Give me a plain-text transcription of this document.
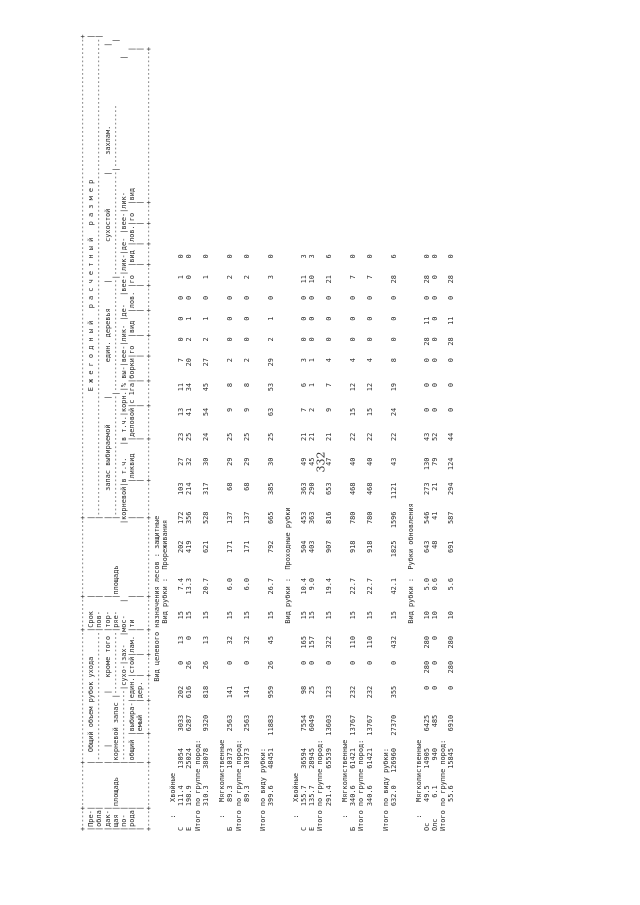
+----+----------+-------------------------------+-------+------------------+-------------------------------------------------------------------------------------------------------------------+ |Пре-|          |  Общий объем рубок ухода      |Срок   |                  |                              Е ж е г о д н ы й   р а с ч е т н ы й   р а з м е р                                  | |обла|          |-------------------------------|пов-   |                  |-------------------------------------------------------------------------------------------------------------------| |дак-|          |   |            |   кроме того |тор-   |                  |      запас выбираемой      |        един. деревья      |         сухостой        |    захлам.                   | |щая |площадь   |корневой запас |---------------|ряе-   |площадь           |-----------------------------|---------------------------|-------------------------|---------------               | |по- |          |-----------------|сухо-|зах-  |мос-   |                  |корневой|в т.ч.   |в т.ч.|корн.|% вы-|вее-|лик- |де-  |вее-|лик-|де- |вее-|лик-                                | |рода|          |общий |выбира-|един.|стой|лам. |ти     |                  |        |ликвид   |деловой|с 1га|борки|го  |вид  |лов. |го  |вид |лов.|го  |вид                                 | |    |          |      |емый   |дер. |    |     |       |                  |        |         |       |     |     |    |     |     |    |    |    |    |                                    | +----+----------+------+-------+-----+----+-----+-------+------------------+--------+---------+-------+-----+-----+----+-----+-----+----+----+----+----+------------------------------------+ Вид целевого назначения лесов : защитные Вид рубки :  Прореживания :   Хвойные С     111.4    13054    3033    202     0    13    15     7.4      202    172    103    27    23    13    11     7    0    0    0    1    0 Е     198.9    25024    6287    616    26     0    15    13.3      419    356    214    32    25    41    34    20    2    1    0    0    0 Итого по группе пород: 310.3    38078    9320    818    26    13    15    20.7      621    528    317    30    24    54    45    27    2    1    0    1    0 :   Мягколиственные Б      89.3    10373    2563    141     0    32    15     6.0      171    137     68    29    25     9     8     2    0    0    0    2    0 Итого по группе пород: 89.3    10373    2563    141     0    32    15     6.0      171    137     68    29    25     9     8     2    0    0    0    2    0 Итого по виду рубки: 399.6    48451   11883    959    26    45    15    26.7      792    665    385    30    25    63    53    29    2    1    0    3    0 Вид рубки :  Проходные рубки :   Хвойные С     155.7    36594    7554     98     0   165    15    10.4      504    453    363    49    21     7     6     3    0    0    0   11    3 Е     135.7    28945    6049     25     0   157    15     9.0      403    363    290    45    21     2     1     1    0    0    0   10    3 Итого по группе пород: 291.4    65539   13603    123     0   322    15    19.4      907    816    653    47    21     9     7     4    0    0    0   21    6 :   Мягколиственные Б     340.6    61421   13767    232     0   110    15    22.7      918    780    468    40    22    15    12     4    0    0    0    7    0 Итого по группе пород: 340.6    61421   13767    232     0   110    15    22.7      918    780    468    40    22    15    12     4    0    0    0    7    0 Итого по виду рубки: 632.0   126960   27370    355     0   432    15    42.1     1825   1596   1121    43    22    24    19     8    0    0    0   28    6 Вид рубки :  Рубки обновления :   Мягколиственные Ос     49.5    14905    6425      0   280   280    10     5.0      643    546    273   130    43     0     0     0   28   11    0   28    0 Олс     6.1      940     485      0     0     0    10     0.6       48     41     21    79    52     0     0     0    0    0    0    0    0 Итого по группе пород: 55.6    15845    6910      0   280   280    10     5.6      691    587    294   124    44     0     0     0   28   11    0   28    0
332
